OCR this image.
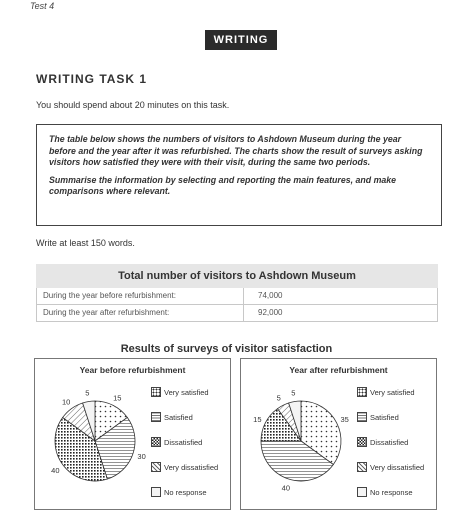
Test 4
WRITING
WRITING TASK 1
You should spend about 20 minutes on this task.

The table below shows the numbers of visitors to Ashdown Museum during the year before and the year after it was refurbished. The charts show the result of surveys asking visitors how satisfied they were with their visit, during the same two periods.

Summarise the information by selecting and reporting the main features, and make comparisons where relevant.

Write at least 150 words.
Total number of visitors to Ashdown Museum
During the year before refurbishment:	74,000
During the year after refurbishment:	92,000
Results of surveys of visitor satisfaction
Year before refurbishment
15
30
40
10
5	Very satisfied
Satisfied
Dissatisfied
Very dissatisfied
No response
Year after refurbishment
35
40
15
5
5	Very satisfied
Satisfied
Dissatisfied
Very dissatisfied
No response
